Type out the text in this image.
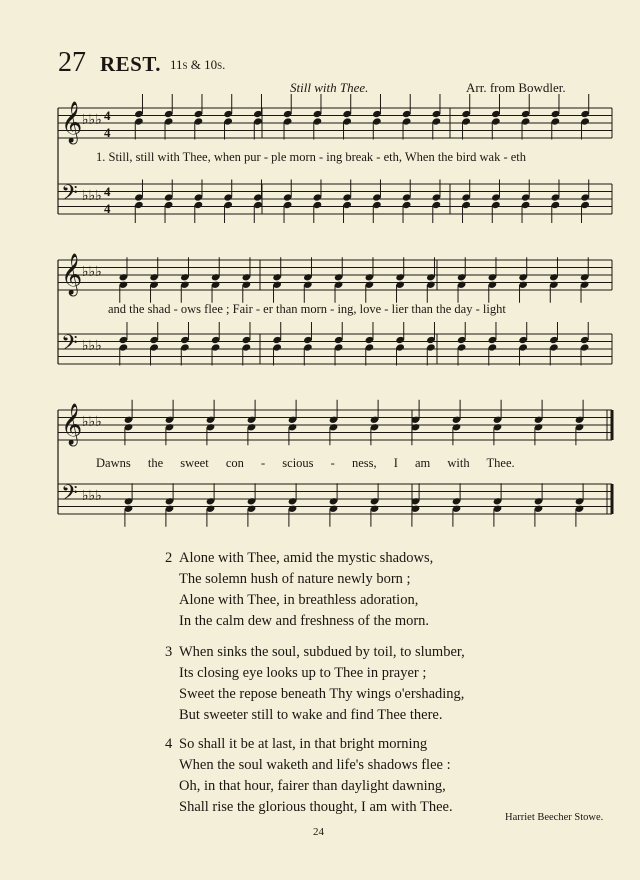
27 REST. 11s & 10s.
Still with Thee.	Arr. from Bowdler.
𝄞 ♭♭♭ 4
4
𝄢 ♭♭♭ 4
4
𝄞 ♭♭♭
𝄢 ♭♭♭
𝄞 ♭♭♭
𝄢 ♭♭♭
1. Still, still with Thee, when pur - ple morn - ing break - eth, When the bird wak - eth
and the shad - ows flee ; Fair - er than morn - ing, love - lier than the day - light
Dawns the sweet con - scious - ness, I am with Thee.
2 Alone with Thee, amid the mystic shadows,
The solemn hush of nature newly born ;
Alone with Thee, in breathless adoration,
In the calm dew and freshness of the morn.
3 When sinks the soul, subdued by toil, to slumber,
Its closing eye looks up to Thee in prayer ;
Sweet the repose beneath Thy wings o'ershading,
But sweeter still to wake and find Thee there.
4 So shall it be at last, in that bright morning
When the soul waketh and life's shadows flee :
Oh, in that hour, fairer than daylight dawning,
Shall rise the glorious thought, I am with Thee.
Harriet Beecher Stowe.
24
